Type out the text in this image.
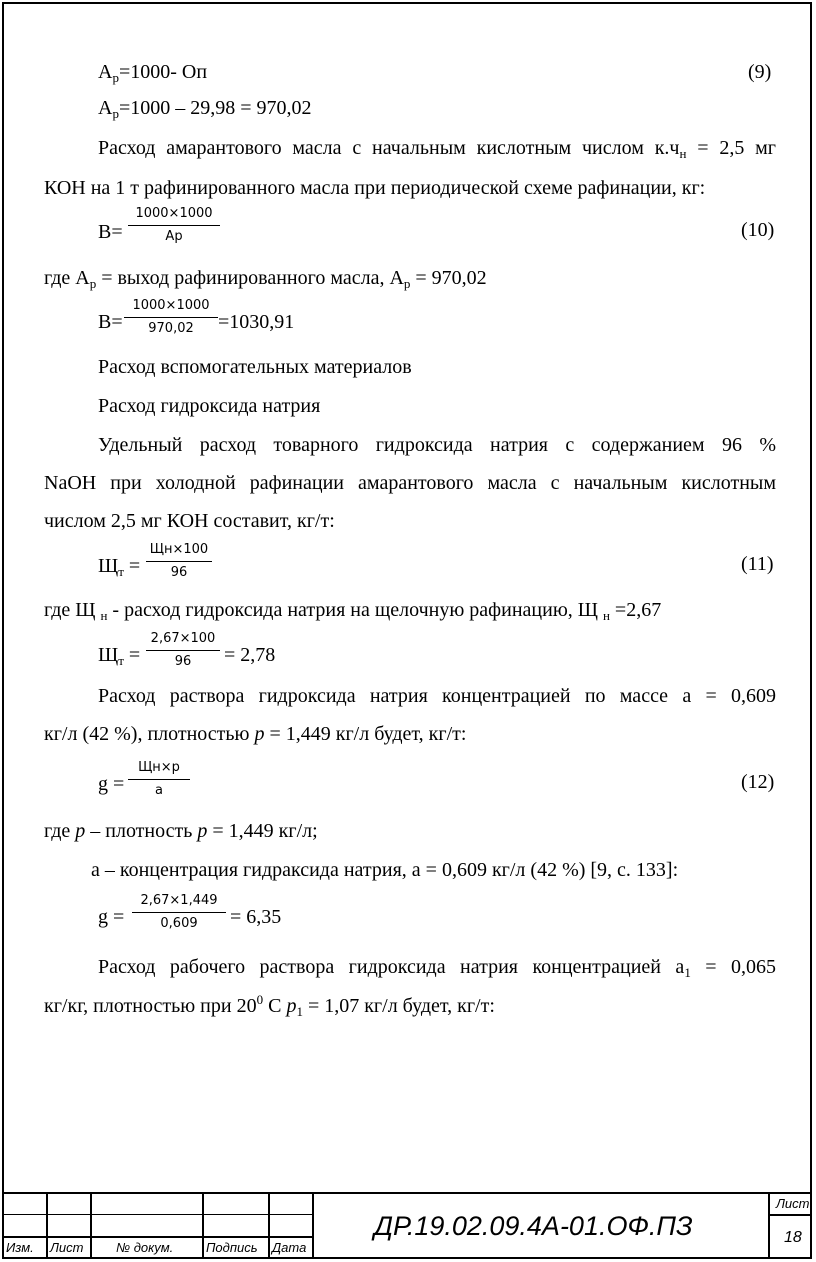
$А_р=1000-$ Оп	(9)
$А_р=1000 - 29,98 = 970,02$
Расход амарантового масла с начальным кислотным числом $к.ч_н = 2,5$ мг
КОН на 1 т рафинированного масла при периодической схеме рафинации, кг:
В=
1000×1000
Ар	(10)
где $А_р$ = выход рафинированного масла, $А_р = 970,02$
$В= \frac{1000\times 1000}{970,02} =1030,91$
Расход вспомогательных материалов
Расход гидроксида натрия
Удельный расход товарного гидроксида натрия с содержанием 96 %
NaOH при холодной рафинации амарантового масла с начальным кислотным
числом 2,5 мг КОН составит, кг/т:
$Щ_т$ =
Щн×100
96	(11)
где Щ $_н$ - расход гидроксида натрия на щелочную рафинацию, Щ $_н$ =2,67
$Щ_т = \frac{2,67\times 100}{96} = 2,78$
Расход раствора гидроксида натрия концентрацией по массе а = 0,609
кг/л (42 %), плотностью р = 1,449 кг/л будет, кг/т:
g =
Щн×р
а	(12)
где р – плотность р = 1,449 кг/л;
а – концентрация гидраксида натрия, а = 0,609 кг/л (42 %) [9, с. 133]:
$g = \frac{2,67\times 1,449}{0,609} = 6,35$
Расход рабочего раствора гидроксида натрия концентрацией $а_1 = 0,065$
кг/кг, плотностью при $20^0$ С $р_1 = 1,07$ кг/л будет, кг/т:
Изм. Лист	№ докум.	Подпись Дата
ДР.19.02.09.4А-01.ОФ.ПЗ
Лист
18
